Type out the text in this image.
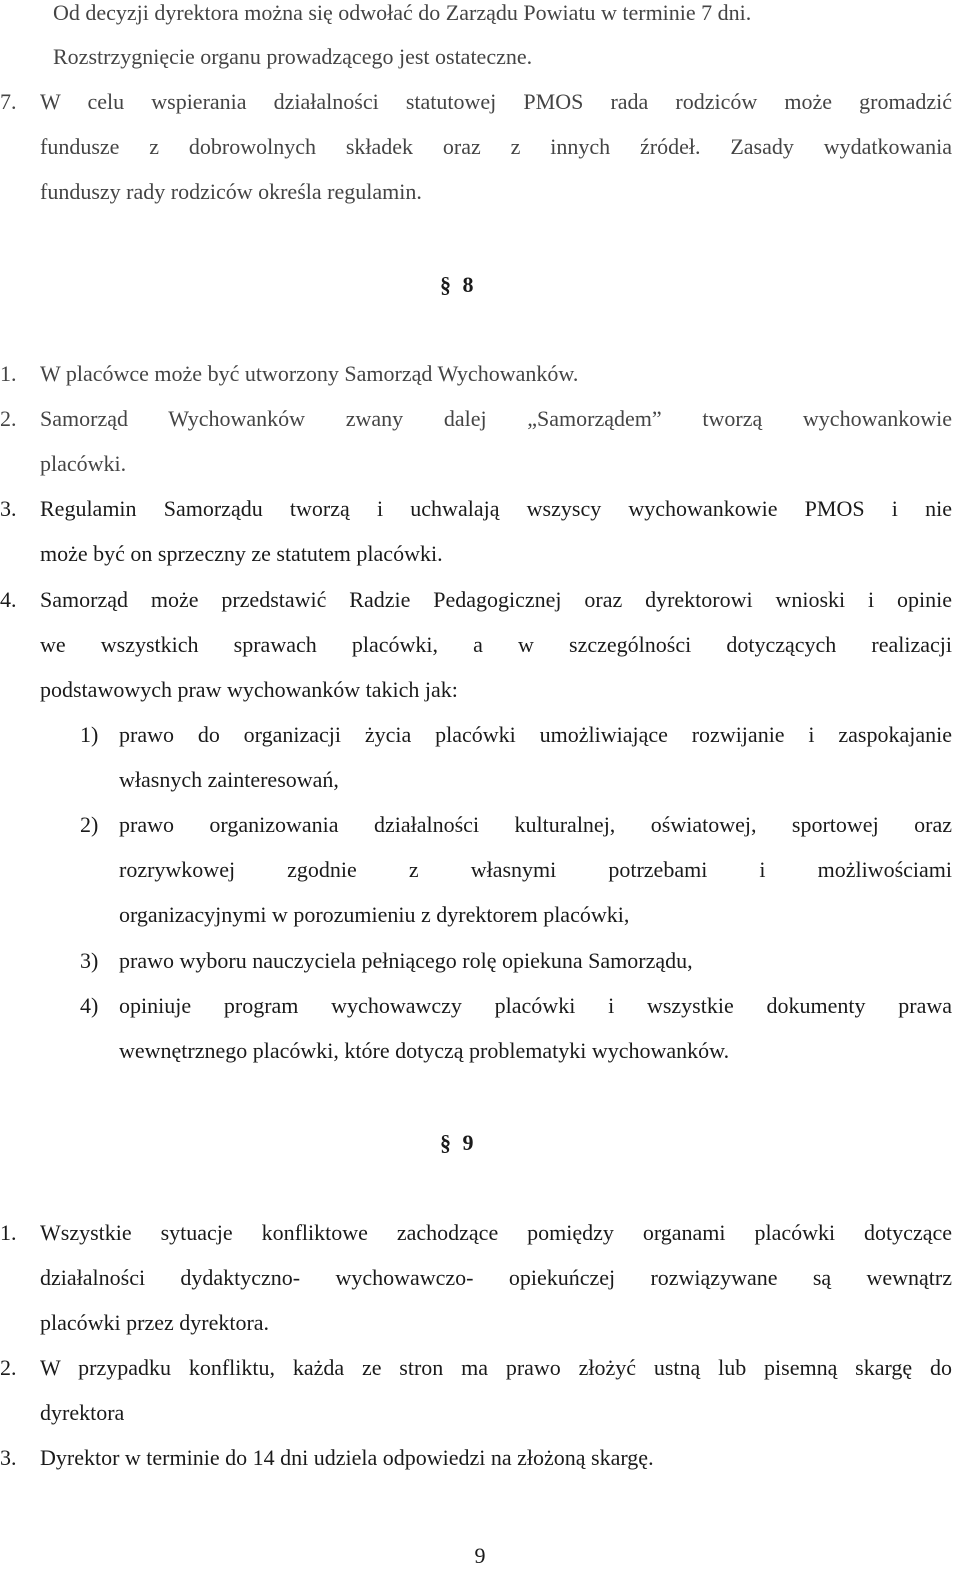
Od decyzji dyrektora można się odwołać do Zarządu Powiatu w terminie 7 dni.
Rozstrzygnięcie organu prowadzącego jest ostateczne.
7. W celu wspierania działalności statutowej PMOS rada rodziców może gromadzić
fundusze z dobrowolnych składek oraz z innych źródeł. Zasady wydatkowania
funduszy rady rodziców określa regulamin.
§ 8
1. W placówce może być utworzony Samorząd Wychowanków.
2. Samorząd Wychowanków zwany dalej „Samorządem” tworzą wychowankowie
placówki.
3. Regulamin Samorządu tworzą i uchwalają wszyscy wychowankowie PMOS i nie
może być on sprzeczny ze statutem placówki.
4. Samorząd może przedstawić Radzie Pedagogicznej oraz dyrektorowi wnioski i opinie
we wszystkich sprawach placówki, a w szczególności dotyczących realizacji
podstawowych praw wychowanków takich jak:
1) prawo do organizacji życia placówki umożliwiające rozwijanie i zaspokajanie
własnych zainteresowań,
2) prawo organizowania działalności kulturalnej, oświatowej, sportowej oraz
rozrywkowej zgodnie z własnymi potrzebami i możliwościami
organizacyjnymi w porozumieniu z dyrektorem placówki,
3) prawo wyboru nauczyciela pełniącego rolę opiekuna Samorządu,
4) opiniuje program wychowawczy placówki i wszystkie dokumenty prawa
wewnętrznego placówki, które dotyczą problematyki wychowanków.
§ 9
1. Wszystkie sytuacje konfliktowe zachodzące pomiędzy organami placówki dotyczące
działalności dydaktyczno- wychowawczo- opiekuńczej rozwiązywane są wewnątrz
placówki przez dyrektora.
2. W przypadku konfliktu, każda ze stron ma prawo złożyć ustną lub pisemną skargę do
dyrektora
3. Dyrektor w terminie do 14 dni udziela odpowiedzi na złożoną skargę.
9
